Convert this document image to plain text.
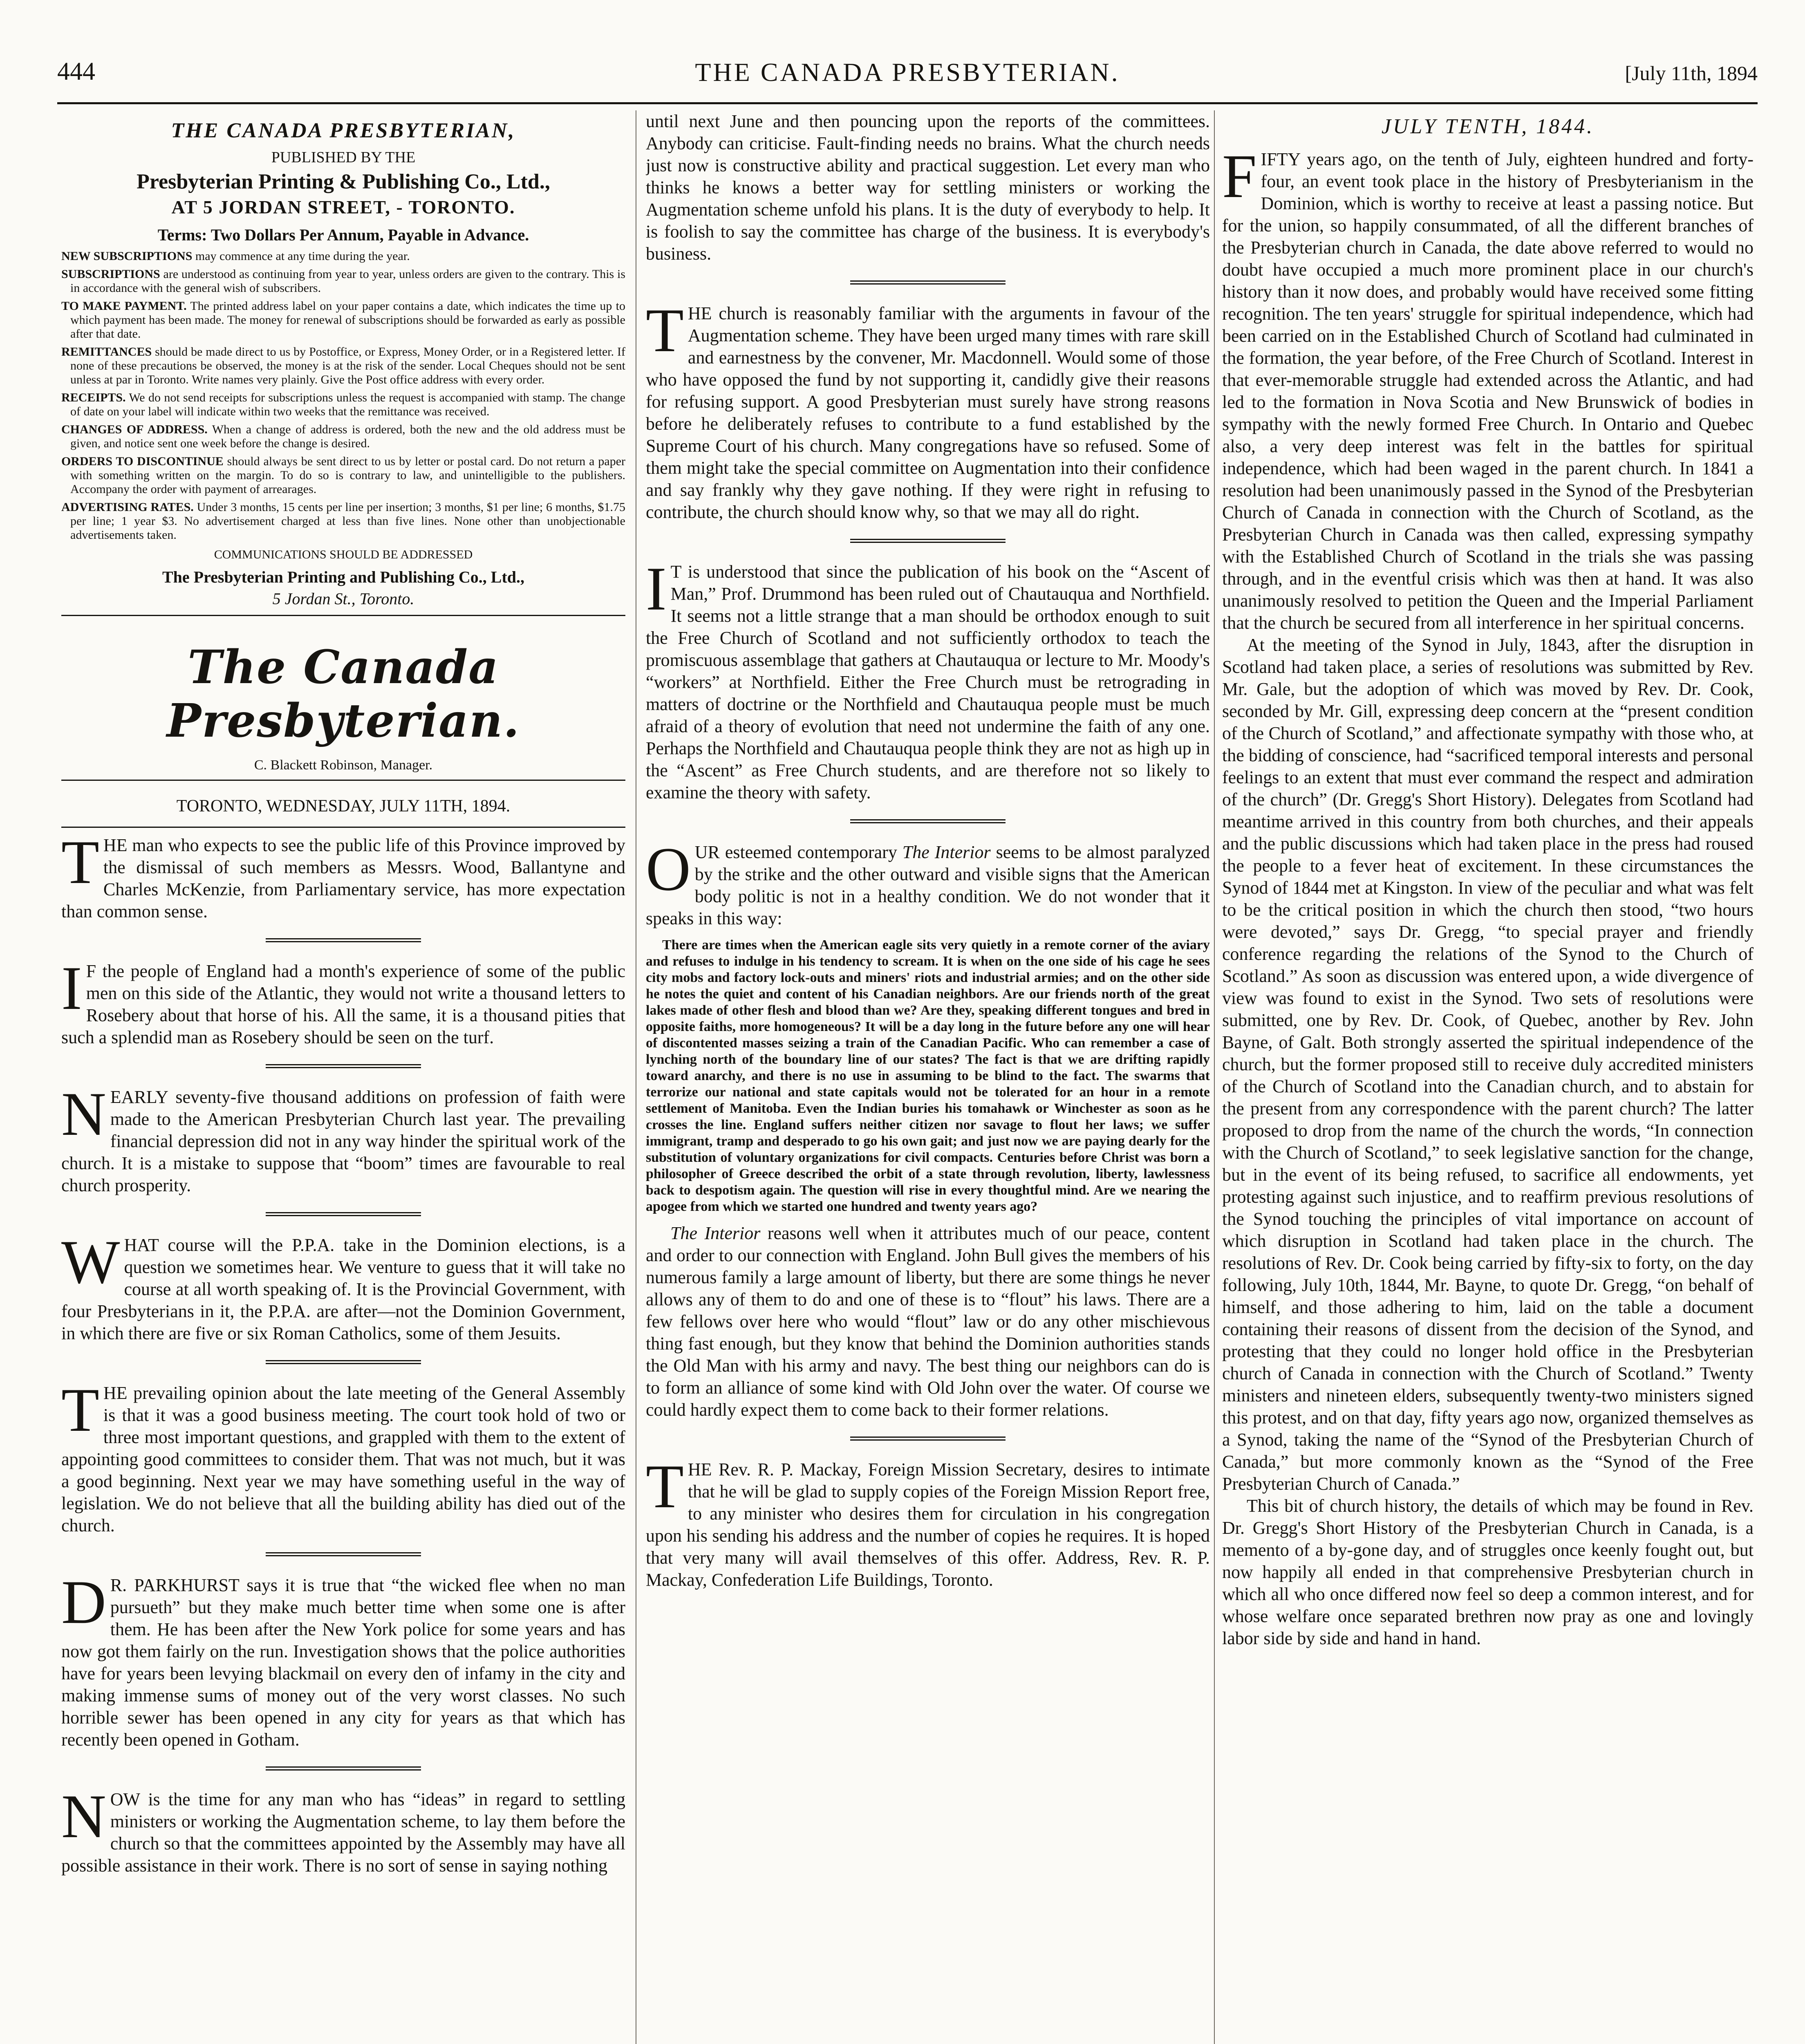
444	THE CANADA PRESBYTERIAN.	[July 11th, 1894
THE CANADA PRESBYTERIAN,
PUBLISHED BY THE
Presbyterian Printing & Publishing Co., Ltd.,
AT 5 JORDAN STREET, - TORONTO.
Terms: Two Dollars Per Annum, Payable in Advance.
NEW SUBSCRIPTIONS may commence at any time during the year.
SUBSCRIPTIONS are understood as continuing from year to year, unless orders are given to the contrary. This is in accordance with the general wish of subscribers.
TO MAKE PAYMENT. The printed address label on your paper contains a date, which indicates the time up to which payment has been made. The money for renewal of subscriptions should be forwarded as early as possible after that date.
REMITTANCES should be made direct to us by Postoffice, or Express, Money Order, or in a Registered letter. If none of these precautions be observed, the money is at the risk of the sender. Local Cheques should not be sent unless at par in Toronto. Write names very plainly. Give the Post office address with every order.
RECEIPTS. We do not send receipts for subscriptions unless the request is accompanied with stamp. The change of date on your label will indicate within two weeks that the remittance was received.
CHANGES OF ADDRESS. When a change of address is ordered, both the new and the old address must be given, and notice sent one week before the change is desired.
ORDERS TO DISCONTINUE should always be sent direct to us by letter or postal card. Do not return a paper with something written on the margin. To do so is contrary to law, and unintelligible to the publishers. Accompany the order with payment of arrearages.
ADVERTISING RATES. Under 3 months, 15 cents per line per insertion; 3 months, $1 per line; 6 months, $1.75 per line; 1 year $3. No advertisement charged at less than five lines. None other than unobjectionable advertisements taken.
COMMUNICATIONS SHOULD BE ADDRESSED
The Presbyterian Printing and Publishing Co., Ltd.,
5 Jordan St., Toronto.
The Canada Presbyterian.
C. Blackett Robinson, Manager.
TORONTO, WEDNESDAY, JULY 11TH, 1894.

THE man who expects to see the public life of this Province improved by the dismissal of such members as Messrs. Wood, Ballantyne and Charles McKenzie, from Parliamentary service, has more expectation than common sense.

IF the people of England had a month's experience of some of the public men on this side of the Atlantic, they would not write a thousand letters to Rosebery about that horse of his. All the same, it is a thousand pities that such a splendid man as Rosebery should be seen on the turf.

NEARLY seventy-five thousand additions on profession of faith were made to the American Presbyterian Church last year. The prevailing financial depression did not in any way hinder the spiritual work of the church. It is a mistake to suppose that “boom” times are favourable to real church prosperity.

WHAT course will the P.P.A. take in the Dominion elections, is a question we sometimes hear. We venture to guess that it will take no course at all worth speaking of. It is the Provincial Government, with four Presbyterians in it, the P.P.A. are after—not the Dominion Government, in which there are five or six Roman Catholics, some of them Jesuits.

THE prevailing opinion about the late meeting of the General Assembly is that it was a good business meeting. The court took hold of two or three most important questions, and grappled with them to the extent of appointing good committees to consider them. That was not much, but it was a good beginning. Next year we may have something useful in the way of legislation. We do not believe that all the building ability has died out of the church.

DR. PARKHURST says it is true that “the wicked flee when no man pursueth” but they make much better time when some one is after them. He has been after the New York police for some years and has now got them fairly on the run. Investigation shows that the police authorities have for years been levying blackmail on every den of infamy in the city and making immense sums of money out of the very worst classes. No such horrible sewer has been opened in any city for years as that which has recently been opened in Gotham.

NOW is the time for any man who has “ideas” in regard to settling ministers or working the Augmentation scheme, to lay them before the church so that the committees appointed by the Assembly may have all possible assistance in their work. There is no sort of sense in saying nothing

until next June and then pouncing upon the reports of the committees. Anybody can criticise. Fault-finding needs no brains. What the church needs just now is constructive ability and practical suggestion. Let every man who thinks he knows a better way for settling ministers or working the Augmentation scheme unfold his plans. It is the duty of everybody to help. It is foolish to say the committee has charge of the business. It is everybody's business.

THE church is reasonably familiar with the arguments in favour of the Augmentation scheme. They have been urged many times with rare skill and earnestness by the convener, Mr. Macdonnell. Would some of those who have opposed the fund by not supporting it, candidly give their reasons for refusing support. A good Presbyterian must surely have strong reasons before he deliberately refuses to contribute to a fund established by the Supreme Court of his church. Many congregations have so refused. Some of them might take the special committee on Augmentation into their confidence and say frankly why they gave nothing. If they were right in refusing to contribute, the church should know why, so that we may all do right.

IT is understood that since the publication of his book on the “Ascent of Man,” Prof. Drummond has been ruled out of Chautauqua and Northfield. It seems not a little strange that a man should be orthodox enough to suit the Free Church of Scotland and not sufficiently orthodox to teach the promiscuous assemblage that gathers at Chautauqua or lecture to Mr. Moody's “workers” at Northfield. Either the Free Church must be retrograding in matters of doctrine or the Northfield and Chautauqua people must be much afraid of a theory of evolution that need not undermine the faith of any one. Perhaps the Northfield and Chautauqua people think they are not as high up in the “Ascent” as Free Church students, and are therefore not so likely to examine the theory with safety.

OUR esteemed contemporary The Interior seems to be almost paralyzed by the strike and the other outward and visible signs that the American body politic is not in a healthy condition. We do not wonder that it speaks in this way:

There are times when the American eagle sits very quietly in a remote corner of the aviary and refuses to indulge in his tendency to scream. It is when on the one side of his cage he sees city mobs and factory lock-outs and miners' riots and industrial armies; and on the other side he notes the quiet and content of his Canadian neighbors. Are our friends north of the great lakes made of other flesh and blood than we? Are they, speaking different tongues and bred in opposite faiths, more homogeneous? It will be a day long in the future before any one will hear of discontented masses seizing a train of the Canadian Pacific. Who can remember a case of lynching north of the boundary line of our states? The fact is that we are drifting rapidly toward anarchy, and there is no use in assuming to be blind to the fact. The swarms that terrorize our national and state capitals would not be tolerated for an hour in a remote settlement of Manitoba. Even the Indian buries his tomahawk or Winchester as soon as he crosses the line. England suffers neither citizen nor savage to flout her laws; we suffer immigrant, tramp and desperado to go his own gait; and just now we are paying dearly for the substitution of voluntary organizations for civil compacts. Centuries before Christ was born a philosopher of Greece described the orbit of a state through revolution, liberty, lawlessness back to despotism again. The question will rise in every thoughtful mind. Are we nearing the apogee from which we started one hundred and twenty years ago?

The Interior reasons well when it attributes much of our peace, content and order to our connection with England. John Bull gives the members of his numerous family a large amount of liberty, but there are some things he never allows any of them to do and one of these is to “flout” his laws. There are a few fellows over here who would “flout” law or do any other mischievous thing fast enough, but they know that behind the Dominion authorities stands the Old Man with his army and navy. The best thing our neighbors can do is to form an alliance of some kind with Old John over the water. Of course we could hardly expect them to come back to their former relations.

THE Rev. R. P. Mackay, Foreign Mission Secretary, desires to intimate that he will be glad to supply copies of the Foreign Mission Report free, to any minister who desires them for circulation in his congregation upon his sending his address and the number of copies he requires. It is hoped that very many will avail themselves of this offer. Address, Rev. R. P. Mackay, Confederation Life Buildings, Toronto.

JULY TENTH, 1844.

FIFTY years ago, on the tenth of July, eighteen hundred and forty-four, an event took place in the history of Presbyterianism in the Dominion, which is worthy to receive at least a passing notice. But for the union, so happily consummated, of all the different branches of the Presbyterian church in Canada, the date above referred to would no doubt have occupied a much more prominent place in our church's history than it now does, and probably would have received some fitting recognition. The ten years' struggle for spiritual independence, which had been carried on in the Established Church of Scotland had culminated in the formation, the year before, of the Free Church of Scotland. Interest in that ever-memorable struggle had extended across the Atlantic, and had led to the formation in Nova Scotia and New Brunswick of bodies in sympathy with the newly formed Free Church. In Ontario and Quebec also, a very deep interest was felt in the battles for spiritual independence, which had been waged in the parent church. In 1841 a resolution had been unanimously passed in the Synod of the Presbyterian Church of Canada in connection with the Church of Scotland, as the Presbyterian Church in Canada was then called, expressing sympathy with the Established Church of Scotland in the trials she was passing through, and in the eventful crisis which was then at hand. It was also unanimously resolved to petition the Queen and the Imperial Parliament that the church be secured from all interference in her spiritual concerns.

At the meeting of the Synod in July, 1843, after the disruption in Scotland had taken place, a series of resolutions was submitted by Rev. Mr. Gale, but the adoption of which was moved by Rev. Dr. Cook, seconded by Mr. Gill, expressing deep concern at the “present condition of the Church of Scotland,” and affectionate sympathy with those who, at the bidding of conscience, had “sacrificed temporal interests and personal feelings to an extent that must ever command the respect and admiration of the church” (Dr. Gregg's Short History). Delegates from Scotland had meantime arrived in this country from both churches, and their appeals and the public discussions which had taken place in the press had roused the people to a fever heat of excitement. In these circumstances the Synod of 1844 met at Kingston. In view of the peculiar and what was felt to be the critical position in which the church then stood, “two hours were devoted,” says Dr. Gregg, “to special prayer and friendly conference regarding the relations of the Synod to the Church of Scotland.” As soon as discussion was entered upon, a wide divergence of view was found to exist in the Synod. Two sets of resolutions were submitted, one by Rev. Dr. Cook, of Quebec, another by Rev. John Bayne, of Galt. Both strongly asserted the spiritual independence of the church, but the former proposed still to receive duly accredited ministers of the Church of Scotland into the Canadian church, and to abstain for the present from any correspondence with the parent church? The latter proposed to drop from the name of the church the words, “In connection with the Church of Scotland,” to seek legislative sanction for the change, but in the event of its being refused, to sacrifice all endowments, yet protesting against such injustice, and to reaffirm previous resolutions of the Synod touching the principles of vital importance on account of which disruption in Scotland had taken place in the church. The resolutions of Rev. Dr. Cook being carried by fifty-six to forty, on the day following, July 10th, 1844, Mr. Bayne, to quote Dr. Gregg, “on behalf of himself, and those adhering to him, laid on the table a document containing their reasons of dissent from the decision of the Synod, and protesting that they could no longer hold office in the Presbyterian church of Canada in connection with the Church of Scotland.” Twenty ministers and nineteen elders, subsequently twenty-two ministers signed this protest, and on that day, fifty years ago now, organized themselves as a Synod, taking the name of the “Synod of the Presbyterian Church of Canada,” but more commonly known as the “Synod of the Free Presbyterian Church of Canada.”

This bit of church history, the details of which may be found in Rev. Dr. Gregg's Short History of the Presbyterian Church in Canada, is a memento of a by-gone day, and of struggles once keenly fought out, but now happily all ended in that comprehensive Presbyterian church in which all who once differed now feel so deep a common interest, and for whose welfare once separated brethren now pray as one and lovingly labor side by side and hand in hand.
